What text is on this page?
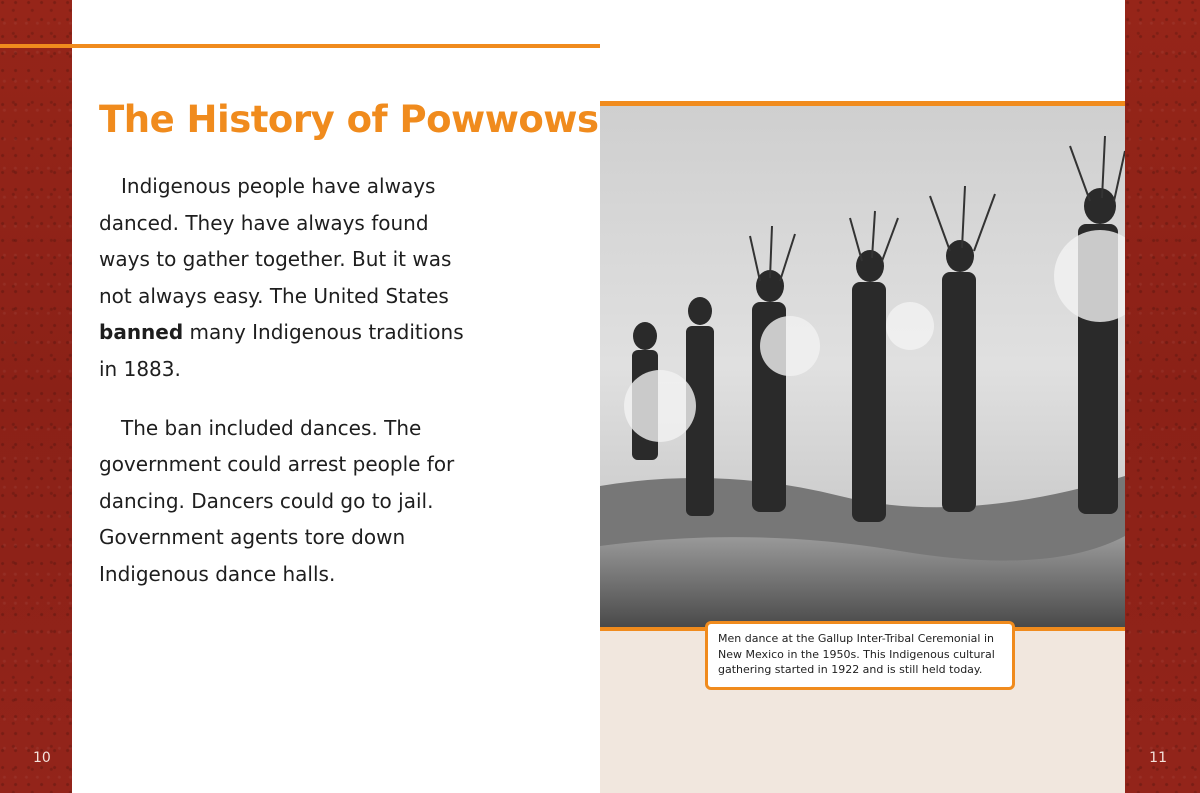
The History of Powwows

Indigenous people have always danced. They have always found ways to gather together. But it was not always easy. The United States banned many Indigenous traditions in 1883.

The ban included dances. The government could arrest people for dancing. Dancers could go to jail. Government agents tore down Indigenous dance halls.

Men dance at the Gallup Inter-Tribal Ceremonial in New Mexico in the 1950s. This Indigenous cultural gathering started in 1922 and is still held today.
10	11
